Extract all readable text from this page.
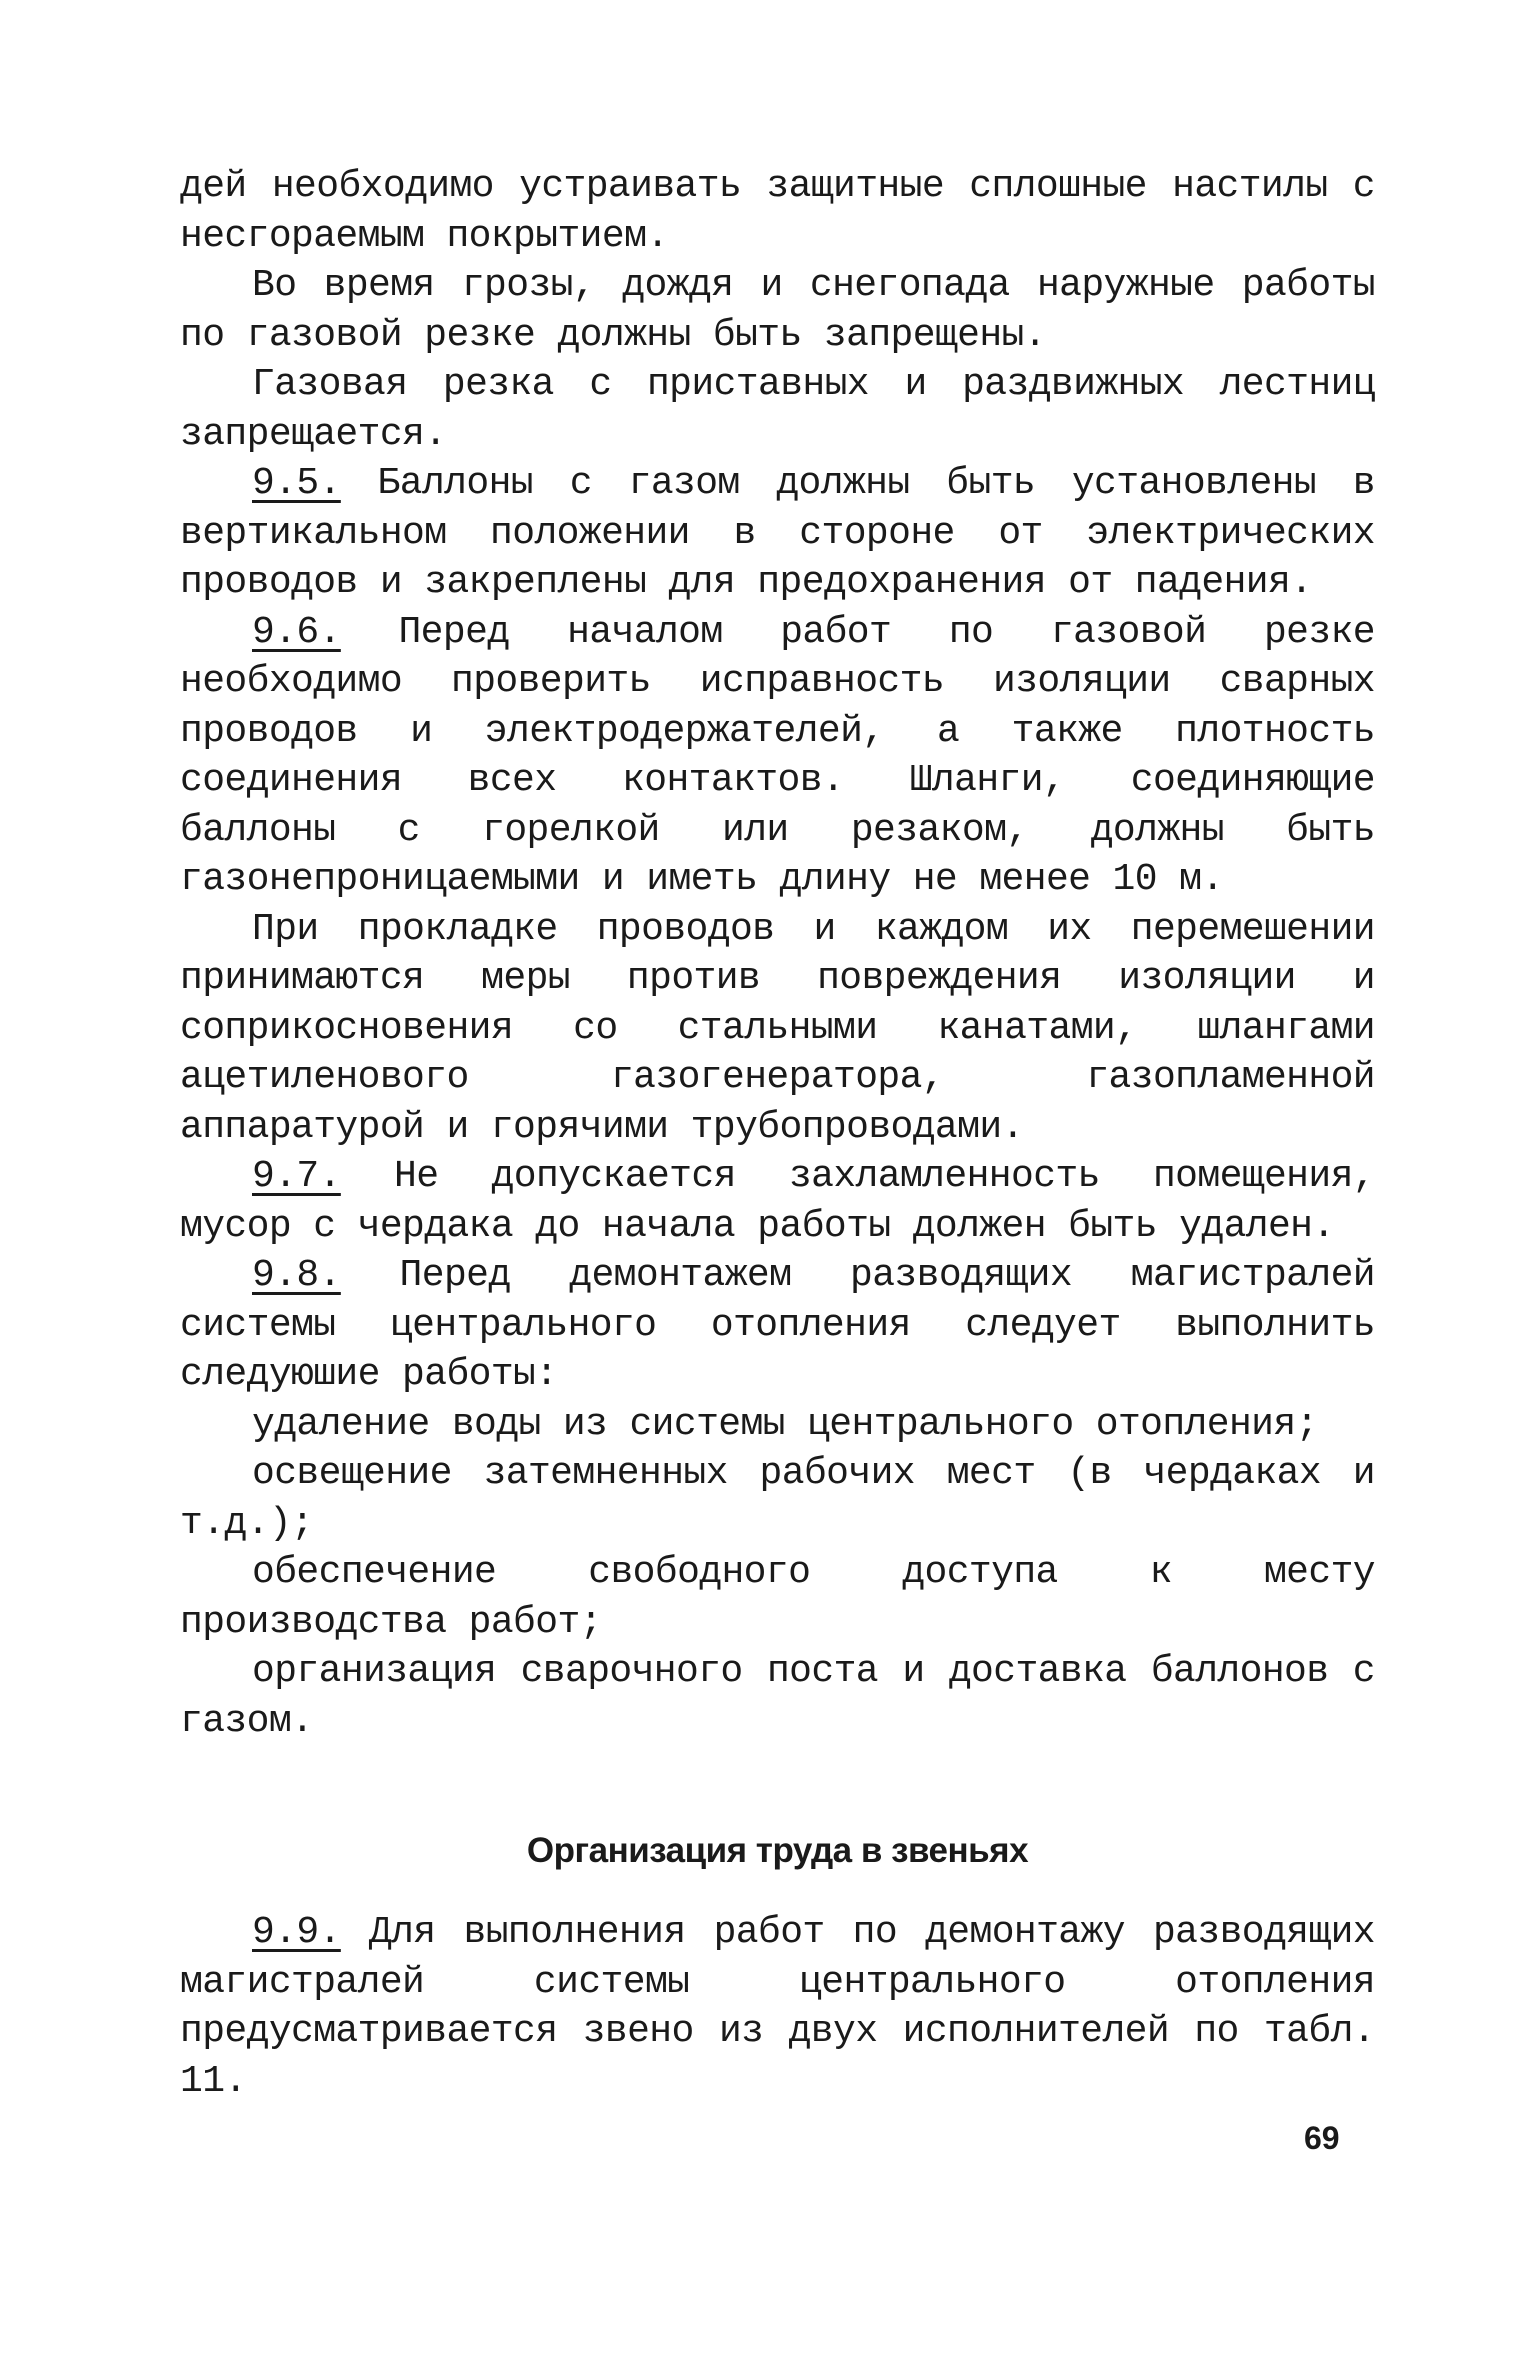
дей необходимо устраивать защитные сплошные настилы с несгораемым покрытием.
Во время грозы, дождя и снегопада наружные работы по газовой резке должны быть запрещены.
Газовая резка с приставных и раздвижных лестниц запрещается.
9.5. Баллоны с газом должны быть установлены в вертикальном положении в стороне от электрических проводов и закреплены для предохранения от падения.
9.6. Перед началом работ по газовой резке необходимо проверить исправность изоляции сварных проводов и электродержателей, а также плотность соединения всех контактов. Шланги, соединяющие баллоны с горелкой или резаком, должны быть газонепроницаемыми и иметь длину не менее 10 м.
При прокладке проводов и каждом их перемешении принимаются меры против повреждения изоляции и соприкосновения со стальными канатами, шлангами ацетиленового газогенератора, газопламенной аппаратурой и горячими трубопроводами.
9.7. Не допускается захламленность помещения, мусор с чердака до начала работы должен быть удален.
9.8. Перед демонтажем разводящих магистралей системы центрального отопления следует выполнить следуюшие работы:
удаление воды из системы центрального отопления;
освещение затемненных рабочих мест (в чердаках и т.д.);
обеспечение свободного доступа к месту производства работ;
организация сварочного поста и доставка баллонов с газом.
Организация труда в звеньях
9.9. Для выполнения работ по демонтажу разводящих магистралей системы центрального отопления предусматривается звено из двух исполнителей по табл. 11.
69
